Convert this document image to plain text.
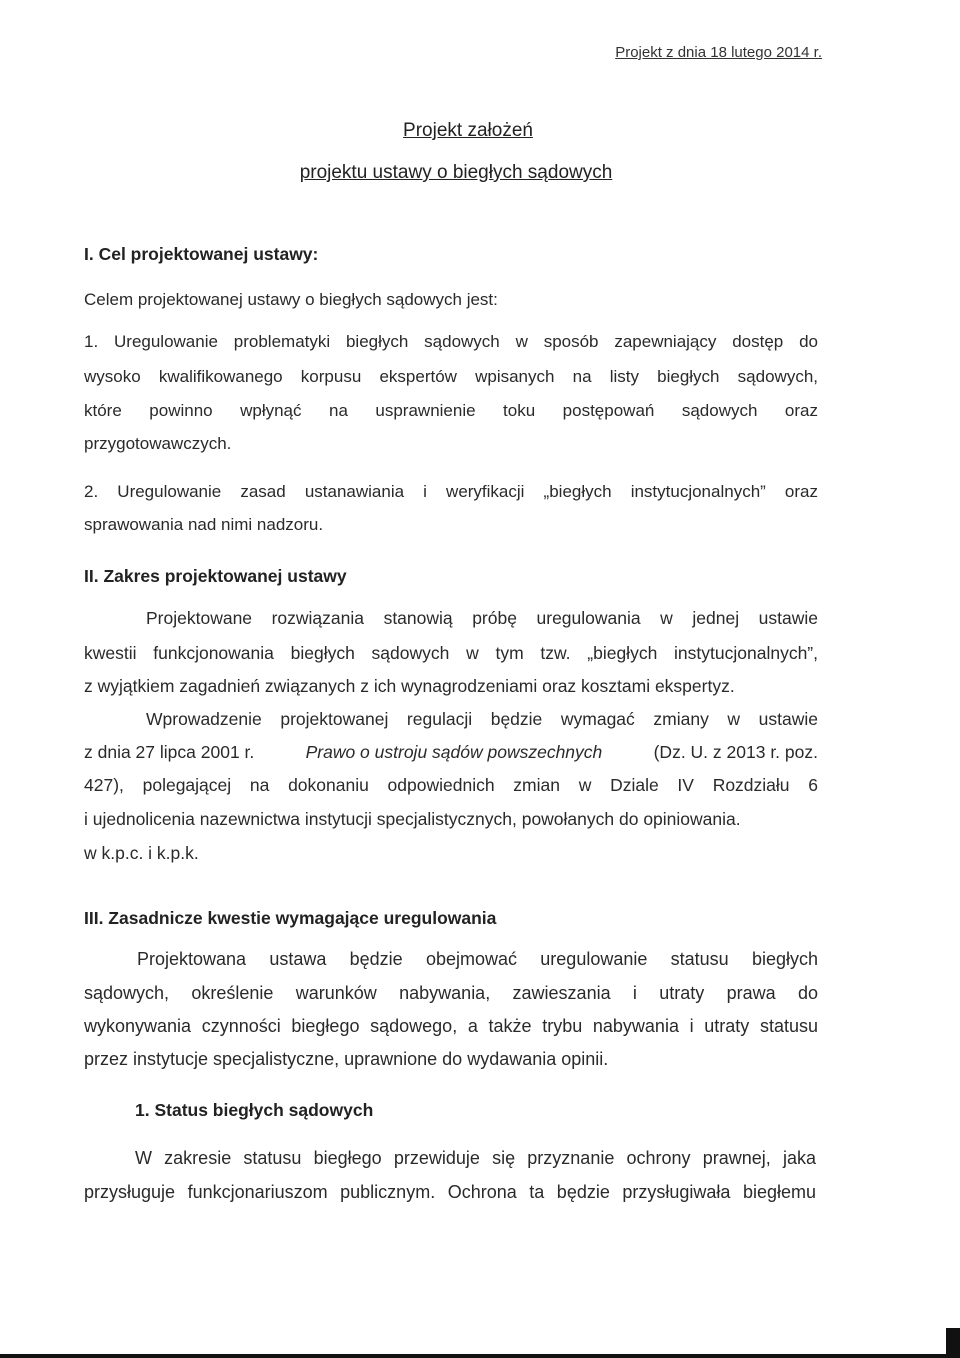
Projekt z dnia 18 lutego 2014 r.
Projekt założeń
projektu ustawy o biegłych sądowych
I. Cel projektowanej ustawy:
Celem projektowanej ustawy o biegłych sądowych jest:
1. Uregulowanie problematyki biegłych sądowych w sposób zapewniający dostęp do
wysoko kwalifikowanego korpusu ekspertów wpisanych na listy biegłych sądowych,
które powinno wpłynąć na usprawnienie toku postępowań sądowych oraz
przygotowawczych.
2. Uregulowanie zasad ustanawiania i weryfikacji „biegłych instytucjonalnych” oraz
sprawowania nad nimi nadzoru.
II. Zakres projektowanej ustawy
Projektowane rozwiązania stanowią próbę uregulowania w jednej ustawie
kwestii funkcjonowania biegłych sądowych w tym tzw. „biegłych instytucjonalnych”,
z wyjątkiem zagadnień związanych z ich wynagrodzeniami oraz kosztami ekspertyz.
Wprowadzenie projektowanej regulacji będzie wymagać zmiany w ustawie
z dnia 27 lipca 2001 r.	Prawo o ustroju sądów powszechnych	(Dz. U. z 2013 r. poz.
427), polegającej na dokonaniu odpowiednich zmian w Dziale IV Rozdziału 6
i ujednolicenia nazewnictwa instytucji specjalistycznych, powołanych do opiniowania.
w k.p.c. i k.p.k.
III. Zasadnicze kwestie wymagające uregulowania
Projektowana ustawa będzie obejmować uregulowanie statusu biegłych
sądowych, określenie warunków nabywania, zawieszania i utraty prawa do
wykonywania czynności biegłego sądowego, a także trybu nabywania i utraty statusu
przez instytucje specjalistyczne, uprawnione do wydawania opinii.
1. Status biegłych sądowych
W zakresie statusu biegłego przewiduje się przyznanie ochrony prawnej, jaka
przysługuje funkcjonariuszom publicznym. Ochrona ta będzie przysługiwała biegłemu
